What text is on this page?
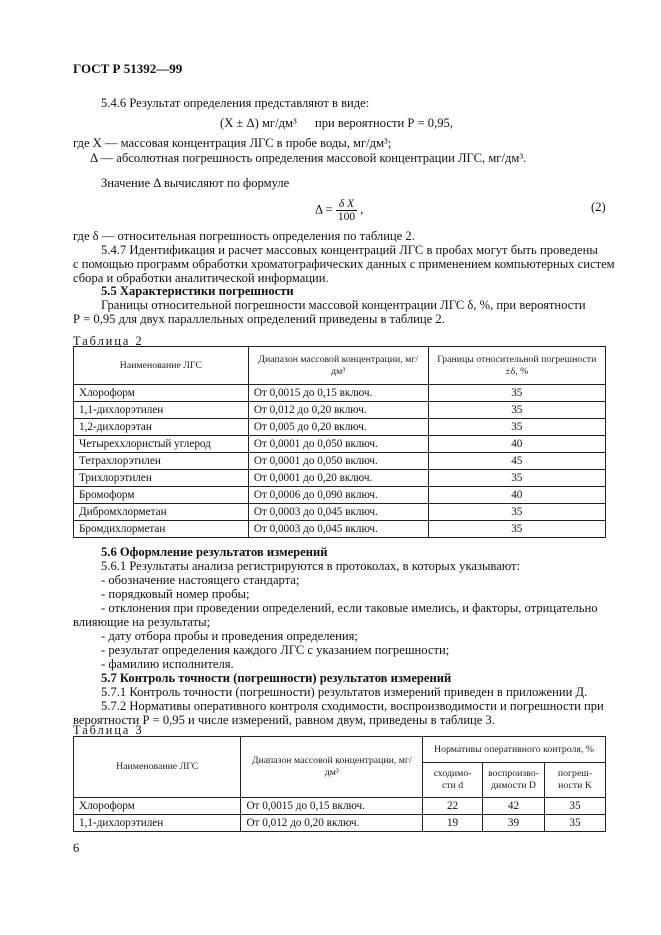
ГОСТ Р 51392—99
5.4.6 Результат определения представляют в виде:
(X ± Δ) мг/дм³ при вероятности Р = 0,95,
где X — массовая концентрация ЛГС в пробе воды, мг/дм³;
Δ — абсолютная погрешность определения массовой концентрации ЛГС, мг/дм³.
Значение Δ вычисляют по формуле
$\Delta = \frac{\text{δ X}}{100}$ ,	(2)
где δ — относительная погрешность определения по таблице 2.
5.4.7 Идентификация и расчет массовых концентраций ЛГС в пробах могут быть проведены
с помощью программ обработки хроматографических данных с применением компьютерных систем
сбора и обработки аналитической информации.
5.5 Характеристики погрешности
Границы относительной погрешности массовой концентрации ЛГС δ, %, при вероятности
Р = 0,95 для двух параллельных определений приведены в таблице 2.
Таблица 2
Наименование ЛГС	Диапазон массовой концентрации, мг/дм³	Границы относительной погрешности ±δ, %
Хлороформ	От 0,0015 до 0,15 включ.	35
1,1-дихлорэтилен	От 0,012 до 0,20 включ.	35
1,2-дихлорэтан	От 0,005 до 0,20 включ.	35
Четыреххлористый углерод	От 0,0001 до 0,050 включ.	40
Тетрахлорэтилен	От 0,0001 до 0,050 включ.	45
Трихлорэтилен	От 0,0001 до 0,20 включ.	35
Бромоформ	От 0,0006 до 0,090 включ.	40
Дибромхлорметан	От 0,0003 до 0,045 включ.	35
Бромдихлорметан	От 0,0003 до 0,045 включ.	35
5.6 Оформление результатов измерений
5.6.1 Результаты анализа регистрируются в протоколах, в которых указывают:
- обозначение настоящего стандарта;
- порядковый номер пробы;
- отклонения при проведении определений, если таковые имелись, и факторы, отрицательно
влияющие на результаты;
- дату отбора пробы и проведения определения;
- результат определения каждого ЛГС с указанием погрешности;
- фамилию исполнителя.
5.7 Контроль точности (погрешности) результатов измерений
5.7.1 Контроль точности (погрешности) результатов измерений приведен в приложении Д.
5.7.2 Нормативы оперативного контроля сходимости, воспроизводимости и погрешности при
вероятности Р = 0,95 и числе измерений, равном двум, приведены в таблице 3.
Таблица 3
Наименование ЛГС	Диапазон массовой концентрации, мг/дм³	Нормативы оперативного контроля, %		
		сходимо-сти d	воспроизво-димости D	погреш-ности K
Хлороформ	От 0,0015 до 0,15 включ.	22	42	35
1,1-дихлорэтилен	От 0,012 до 0,20 включ.	19	39	35
6
